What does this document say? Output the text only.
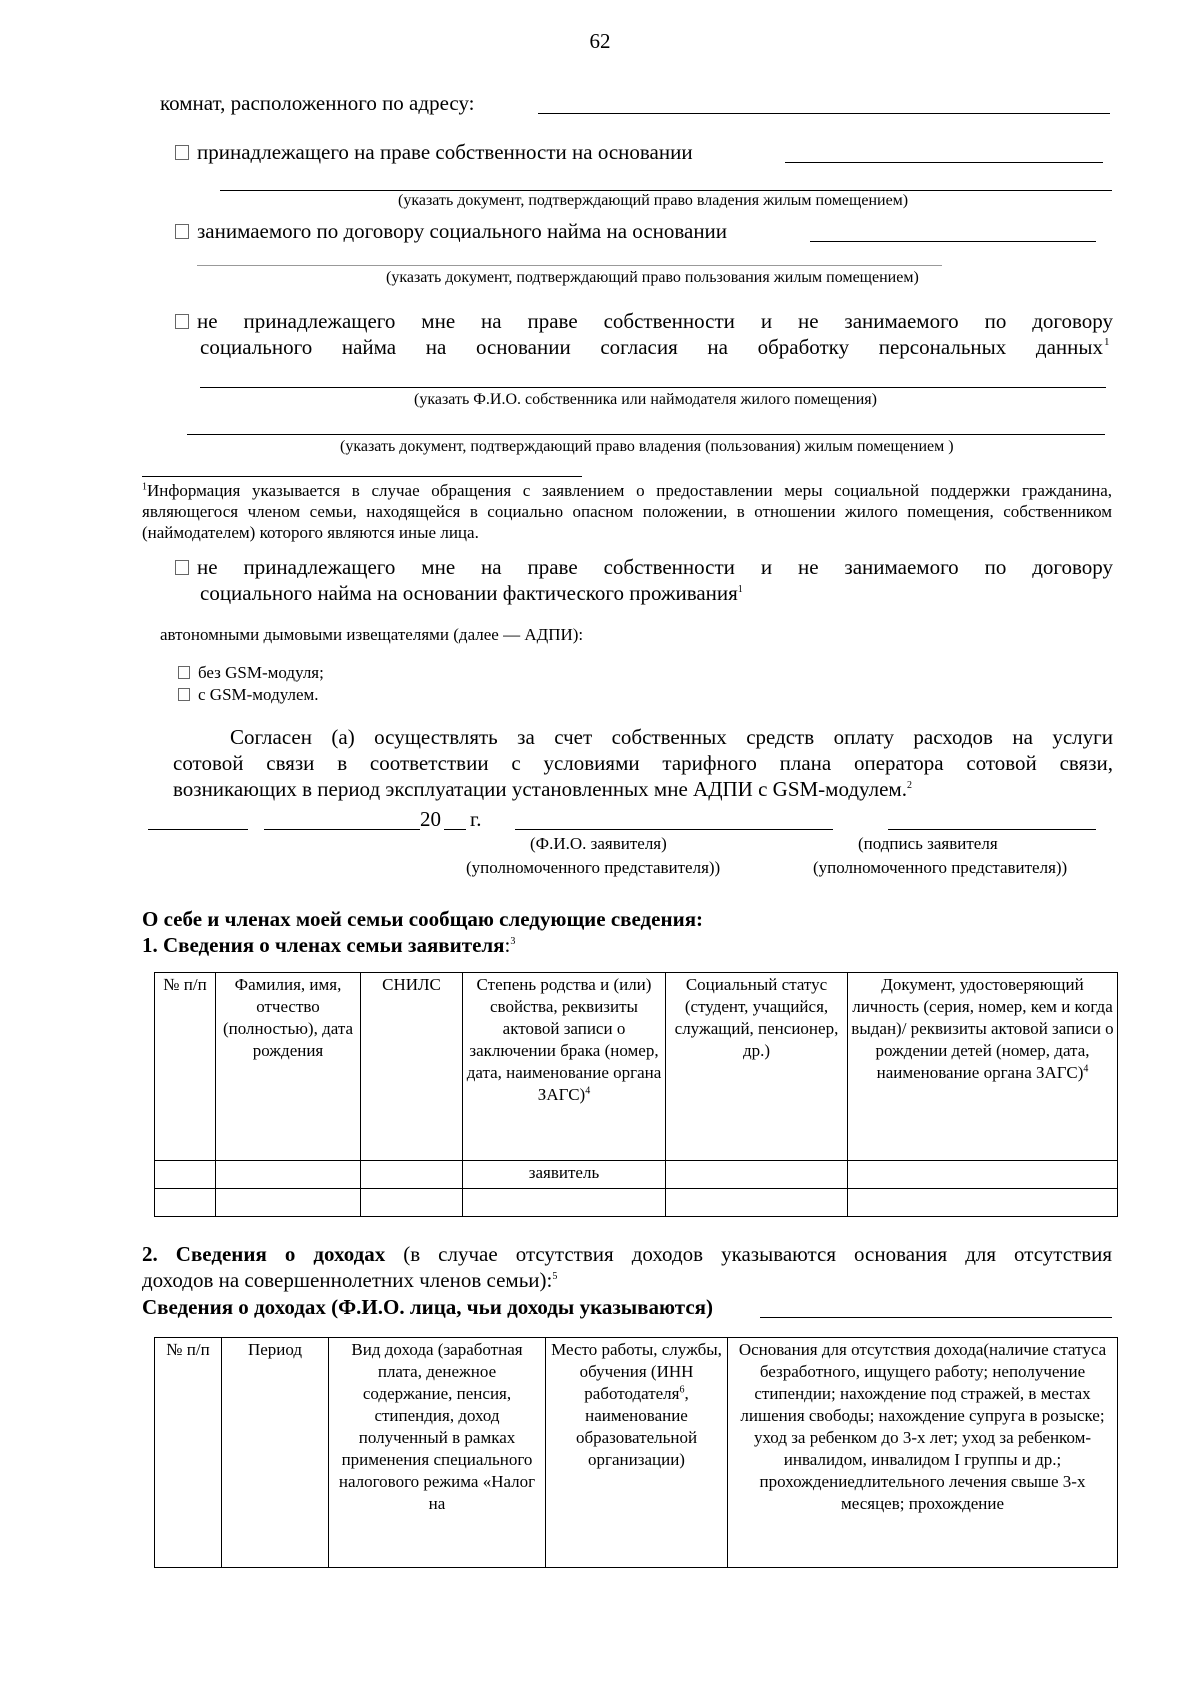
62
комнат, расположенного по адресу:
принадлежащего на праве собственности на основании
(указать документ, подтверждающий право владения жилым помещением)
занимаемого по договору социального найма на основании
(указать документ, подтверждающий право пользования жилым помещением)
не принадлежащего мне на праве собственности и не занимаемого по договору
социального найма на основании согласия на обработку персональных данных 1
(указать Ф.И.О. собственника или наймодателя жилого помещения)
(указать документ, подтверждающий право владения (пользования) жилым помещением )
$^1$Информация указывается в случае обращения с заявлением о предоставлении меры социальной поддержки гражданина, являющегося членом семьи, находящейся в социально опасном положении, в отношении жилого помещения, собственником (наймодателем) которого являются иные лица.
не принадлежащего мне на праве собственности и не занимаемого по договору
социального найма на основании фактического проживания$^1$
автономными дымовыми извещателями (далее — АДПИ):
без GSM-модуля;
с GSM-модулем.
Согласен (а) осуществлять за счет собственных средств оплату расходов на услуги
сотовой связи в соответствии с условиями тарифного плана оператора сотовой связи,
возникающих в период эксплуатации установленных мне АДПИ с GSM-модулем.$^2$
20 г.
(Ф.И.О. заявителя)
(уполномоченного представителя))
(подпись заявителя
(уполномоченного представителя))
О себе и членах моей семьи сообщаю следующие сведения:
1. Сведения о членах семьи заявителя:$^3$
№ п/п	Фамилия, имя, отчество (полностью), дата рождения	СНИЛС	Степень родства и (или) свойства, реквизиты актовой записи о заключении брака (номер, дата, наименование органа ЗАГС)$^4$	Социальный статус (студент, учащийся, служащий, пенсионер, др.)	Документ, удостоверяющий личность (серия, номер, кем и когда выдан)/ реквизиты актовой записи о рождении детей (номер, дата, наименование органа ЗАГС)$^4$
			заявитель		

2. Сведения о доходах (в случае отсутствия доходов указываются основания для отсутствия
доходов на совершеннолетних членов семьи):$^5$
Сведения о доходах (Ф.И.О. лица, чьи доходы указываются)
№ п/п	Период	Вид дохода (заработная плата, денежное содержание, пенсия, стипендия, доход полученный в рамках применения специального налогового режима «Налог на	Место работы, службы, обучения (ИНН работодателя$^6$, наименование образовательной организации)	Основания для отсутствия дохода(наличие статуса безработного, ищущего работу; неполучение стипендии; нахождение под стражей, в местах лишения свободы; нахождение супруга в розыске; уход за ребенком до 3-х лет; уход за ребенком-инвалидом, инвалидом I группы и др.; прохождениедлительного лечения свыше 3-х месяцев; прохождение
